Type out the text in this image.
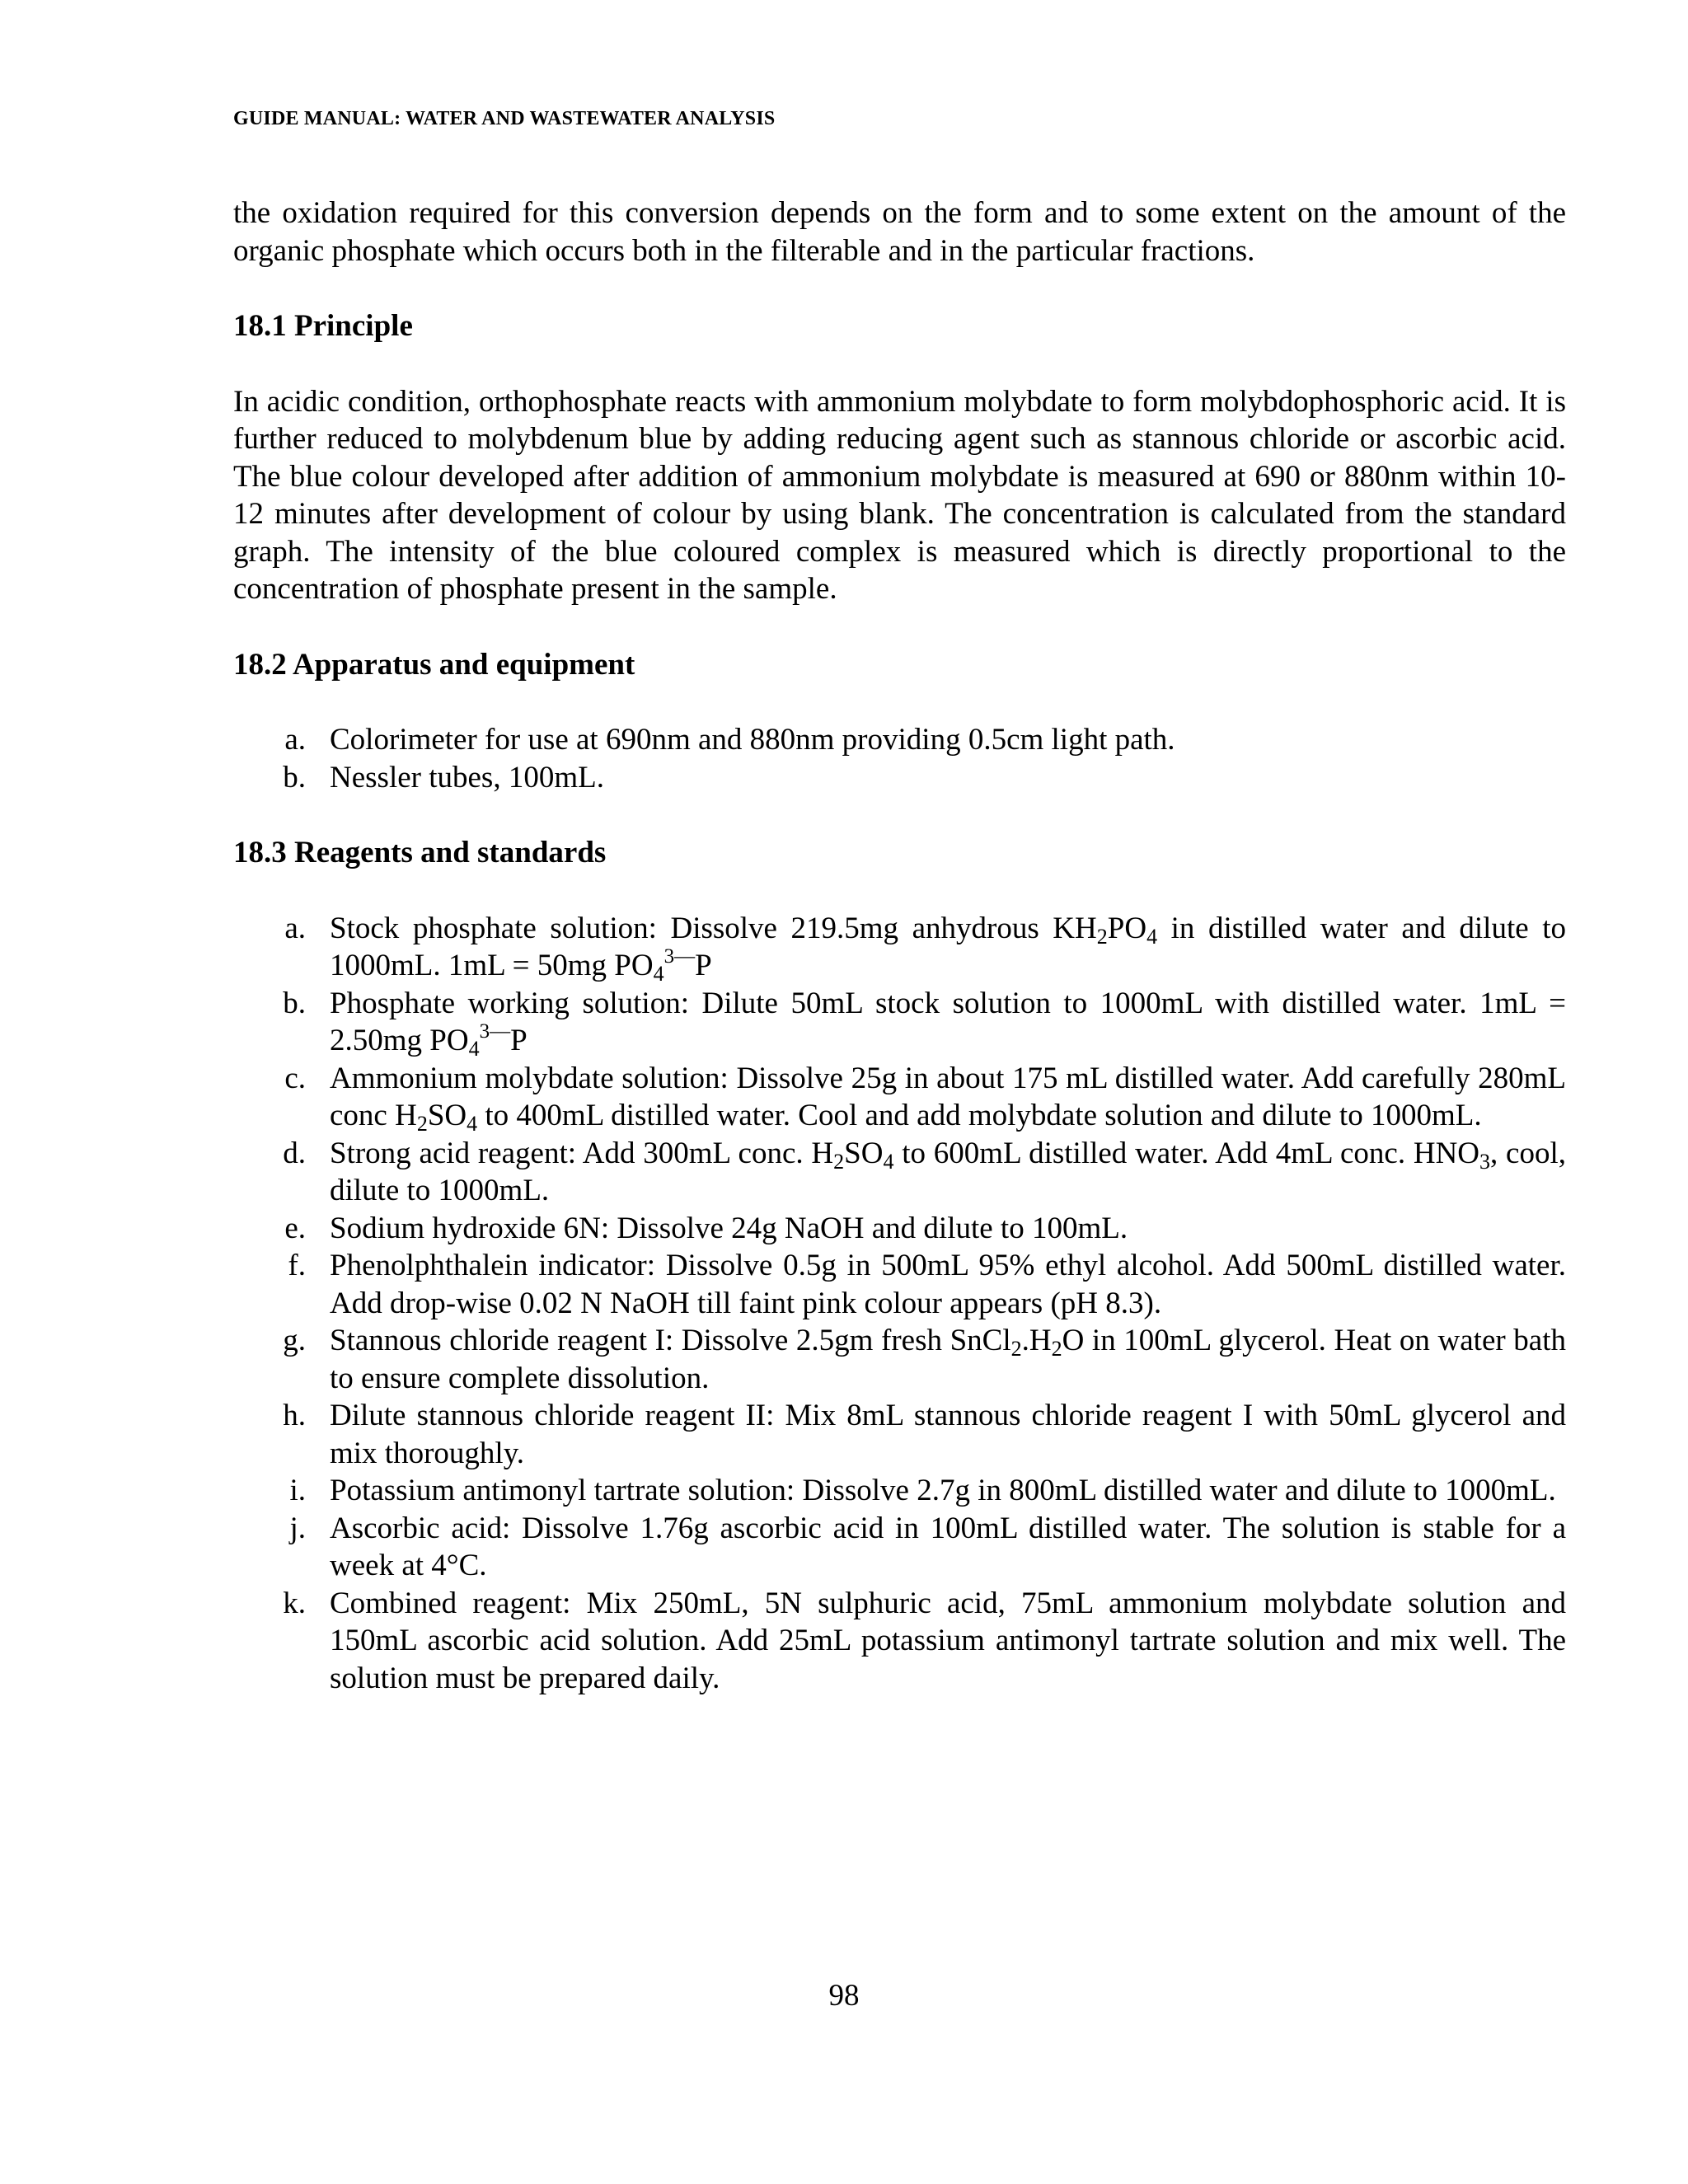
GUIDE MANUAL: WATER AND WASTEWATER ANALYSIS

the oxidation required for this conversion depends on the form and to some extent on the amount of the organic phosphate which occurs both in the filterable and in the particular fractions.

18.1 Principle

In acidic condition, orthophosphate reacts with ammonium molybdate to form molybdophosphoric acid. It is further reduced to molybdenum blue by adding reducing agent such as stannous chloride or ascorbic acid. The blue colour developed after addition of ammonium molybdate is measured at 690 or 880nm within 10-12 minutes after development of colour by using blank. The concentration is calculated from the standard graph. The intensity of the blue coloured complex is measured which is directly proportional to the concentration of phosphate present in the sample.

18.2 Apparatus and equipment
a. Colorimeter for use at 690nm and 880nm providing 0.5cm light path.
b. Nessler tubes, 100mL.
18.3 Reagents and standards
a. Stock phosphate solution: Dissolve 219.5mg anhydrous $KH_2PO_4$ in distilled water and dilute to 1000mL. 1mL = 50mg $PO_4^{3—}P$
b. Phosphate working solution: Dilute 50mL stock solution to 1000mL with distilled water. 1mL = 2.50mg $PO_4^{3—}P$
c. Ammonium molybdate solution: Dissolve 25g in about 175 mL distilled water. Add carefully 280mL conc $H_2SO_4$ to 400mL distilled water. Cool and add molybdate solution and dilute to 1000mL.
d. Strong acid reagent: Add 300mL conc. $H_2SO_4$ to 600mL distilled water. Add 4mL conc. $HNO_3$, cool, dilute to 1000mL.
e. Sodium hydroxide 6N: Dissolve 24g NaOH and dilute to 100mL.
f. Phenolphthalein indicator: Dissolve 0.5g in 500mL 95% ethyl alcohol. Add 500mL distilled water. Add drop-wise 0.02 N NaOH till faint pink colour appears (pH 8.3).
g. Stannous chloride reagent I: Dissolve 2.5gm fresh $SnCl_2.H_2O$ in 100mL glycerol. Heat on water bath to ensure complete dissolution.
h. Dilute stannous chloride reagent II: Mix 8mL stannous chloride reagent I with 50mL glycerol and mix thoroughly.
i. Potassium antimonyl tartrate solution: Dissolve 2.7g in 800mL distilled water and dilute to 1000mL.
j. Ascorbic acid: Dissolve 1.76g ascorbic acid in 100mL distilled water. The solution is stable for a week at 4°C.
k. Combined reagent: Mix 250mL, 5N sulphuric acid, 75mL ammonium molybdate solution and 150mL ascorbic acid solution. Add 25mL potassium antimonyl tartrate solution and mix well. The solution must be prepared daily.
98
